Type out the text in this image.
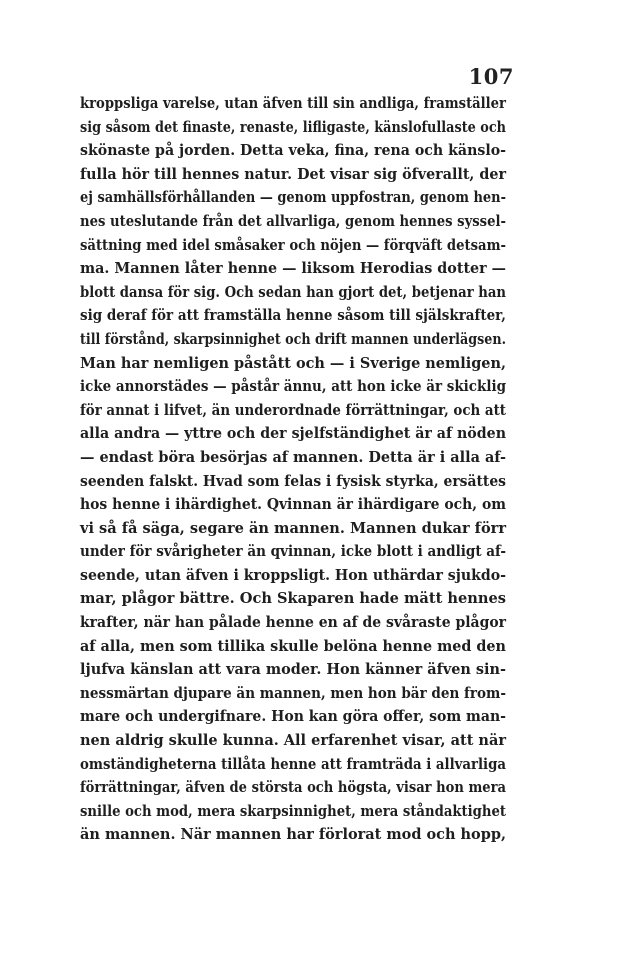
107
kroppsliga varelse, utan äfven till sin andliga, framställer
sig såsom det finaste, renaste, lifligaste, känslofullaste och
skönaste på jorden. Detta veka, fina, rena och känslo-
fulla hör till hennes natur. Det visar sig öfverallt, der
ej samhällsförhållanden — genom uppfostran, genom hen-
nes uteslutande från det allvarliga, genom hennes syssel-
sättning med idel småsaker och nöjen — förqväft detsam-
ma. Mannen låter henne — liksom Herodias dotter —
blott dansa för sig. Och sedan han gjort det, betjenar han
sig deraf för att framställa henne såsom till själskrafter,
till förstånd, skarpsinnighet och drift mannen underlägsen.
Man har nemligen påstått och — i Sverige nemligen,
icke annorstädes — påstår ännu, att hon icke är skicklig
för annat i lifvet, än underordnade förrättningar, och att
alla andra — yttre och der sjelfständighet är af nöden
— endast böra besörjas af mannen. Detta är i alla af-
seenden falskt. Hvad som felas i fysisk styrka, ersättes
hos henne i ihärdighet. Qvinnan är ihärdigare och, om
vi så få säga, segare än mannen. Mannen dukar förr
under för svårigheter än qvinnan, icke blott i andligt af-
seende, utan äfven i kroppsligt. Hon uthärdar sjukdo-
mar, plågor bättre. Och Skaparen hade mätt hennes
krafter, när han pålade henne en af de svåraste plågor
af alla, men som tillika skulle belöna henne med den
ljufva känslan att vara moder. Hon känner äfven sin-
nessmärtan djupare än mannen, men hon bär den from-
mare och undergifnare. Hon kan göra offer, som man-
nen aldrig skulle kunna. All erfarenhet visar, att när
omständigheterna tillåta henne att framträda i allvarliga
förrättningar, äfven de största och högsta, visar hon mera
snille och mod, mera skarpsinnighet, mera ståndaktighet
än mannen. När mannen har förlorat mod och hopp,
